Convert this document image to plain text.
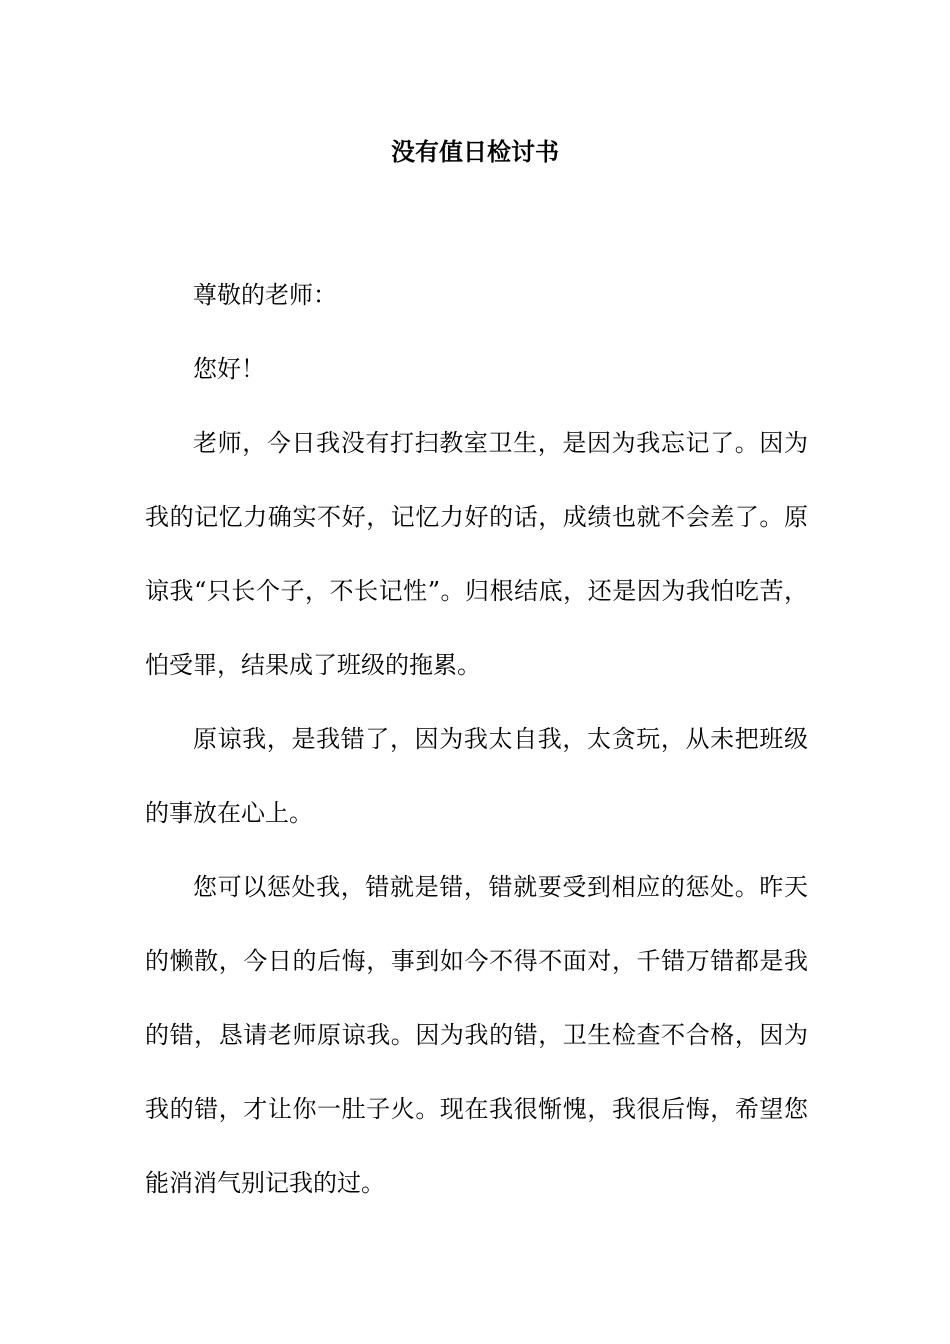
没有值日检讨书

尊敬的老师：

您好！

老师，今日我没有打扫教室卫生，是因为我忘记了。因为我的记忆力确实不好，记忆力好的话，成绩也就不会差了。原谅我“只长个子，不长记性”。归根结底，还是因为我怕吃苦，怕受罪，结果成了班级的拖累。

原谅我，是我错了，因为我太自我，太贪玩，从未把班级的事放在心上。

您可以惩处我，错就是错，错就要受到相应的惩处。昨天的懒散，今日的后悔，事到如今不得不面对，千错万错都是我的错，恳请老师原谅我。因为我的错，卫生检查不合格，因为我的错，才让你一肚子火。现在我很惭愧，我很后悔，希望您能消消气别记我的过。
